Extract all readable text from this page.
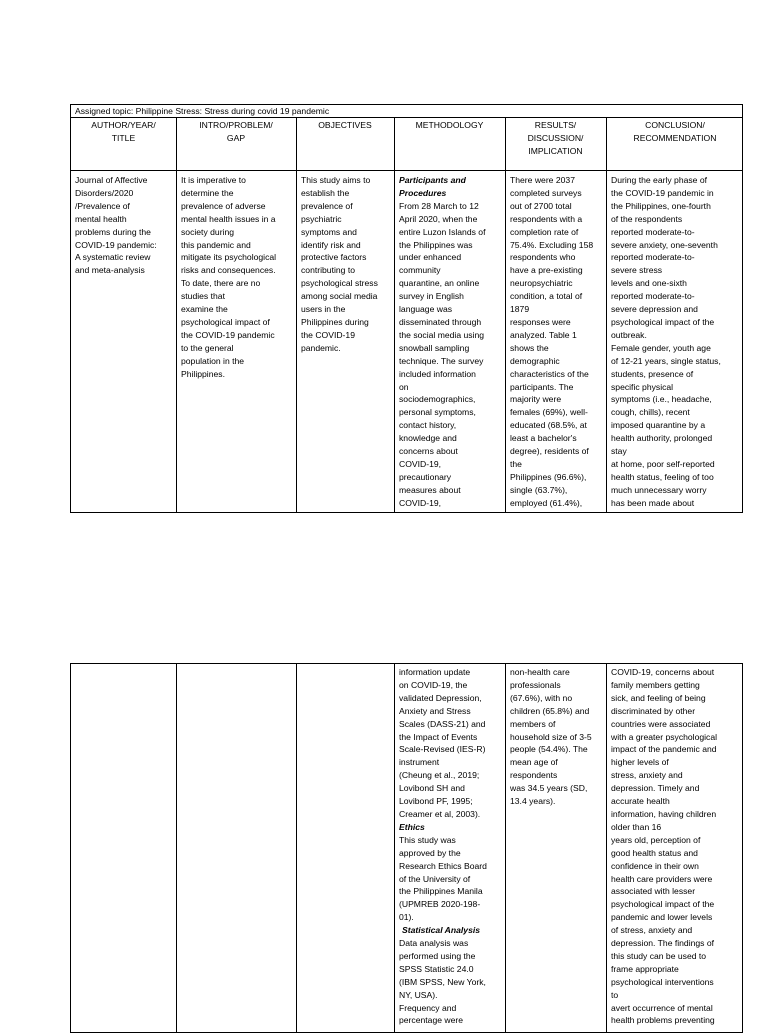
Assigned topic: Philippine Stress: Stress during covid 19 pandemic
AUTHOR/YEAR/
TITLE
INTRO/PROBLEM/
GAP
OBJECTIVES	METHODOLOGY	RESULTS/
DISCUSSION/
IMPLICATION
CONCLUSION/
RECOMMENDATION
Journal of Affective
Disorders/2020
/Prevalence of
mental health
problems during the
COVID-19 pandemic:
A systematic review
and meta-analysis
It is imperative to
determine the
prevalence of adverse
mental health issues in a
society during
this pandemic and
mitigate its psychological
risks and consequences.
To date, there are no
studies that
examine the
psychological impact of
the COVID-19 pandemic
to the general
population in the
Philippines.
This study aims to
establish the
prevalence of
psychiatric
symptoms and
identify risk and
protective factors
contributing to
psychological stress
among social media
users in the
Philippines during
the COVID-19
pandemic.
Participants and
Procedures
From 28 March to 12
April 2020, when the
entire Luzon Islands of
the Philippines was
under enhanced
community
quarantine, an online
survey in English
language was
disseminated through
the social media using
snowball sampling
technique. The survey
included information
on
sociodemographics,
personal symptoms,
contact history,
knowledge and
concerns about
COVID-19,
precautionary
measures about
COVID-19,
There were 2037
completed surveys
out of 2700 total
respondents with a
completion rate of
75.4%. Excluding 158
respondents who
have a pre-existing
neuropsychiatric
condition, a total of
1879
responses were
analyzed. Table 1
shows the
demographic
characteristics of the
participants. The
majority were
females (69%), well-
educated (68.5%, at
least a bachelor's
degree), residents of
the
Philippines (96.6%),
single (63.7%),
employed (61.4%),
During the early phase of
the COVID-19 pandemic in
the Philippines, one-fourth
of the respondents
reported moderate-to-
severe anxiety, one-seventh
reported moderate-to-
severe stress
levels and one-sixth
reported moderate-to-
severe depression and
psychological impact of the
outbreak.
Female gender, youth age
of 12-21 years, single status,
students, presence of
specific physical
symptoms (i.e., headache,
cough, chills), recent
imposed quarantine by a
health authority, prolonged
stay
at home, poor self-reported
health status, feeling of too
much unnecessary worry
has been made about
information update
on COVID-19, the
validated Depression,
Anxiety and Stress
Scales (DASS-21) and
the Impact of Events
Scale-Revised (IES-R)
instrument
(Cheung et al., 2019;
Lovibond SH and
Lovibond PF, 1995;
Creamer et al, 2003).
Ethics
This study was
approved by the
Research Ethics Board
of the University of
the Philippines Manila
(UPMREB 2020-198-
01).
Statistical Analysis
Data analysis was
performed using the
SPSS Statistic 24.0
(IBM SPSS, New York,
NY, USA).
Frequency and
percentage were
non-health care
professionals
(67.6%), with no
children (65.8%) and
members of
household size of 3-5
people (54.4%). The
mean age of
respondents
was 34.5 years (SD,
13.4 years).
COVID-19, concerns about
family members getting
sick, and feeling of being
discriminated by other
countries were associated
with a greater psychological
impact of the pandemic and
higher levels of
stress, anxiety and
depression. Timely and
accurate health
information, having children
older than 16
years old, perception of
good health status and
confidence in their own
health care providers were
associated with lesser
psychological impact of the
pandemic and lower levels
of stress, anxiety and
depression. The findings of
this study can be used to
frame appropriate
psychological interventions
to
avert occurrence of mental
health problems preventing
